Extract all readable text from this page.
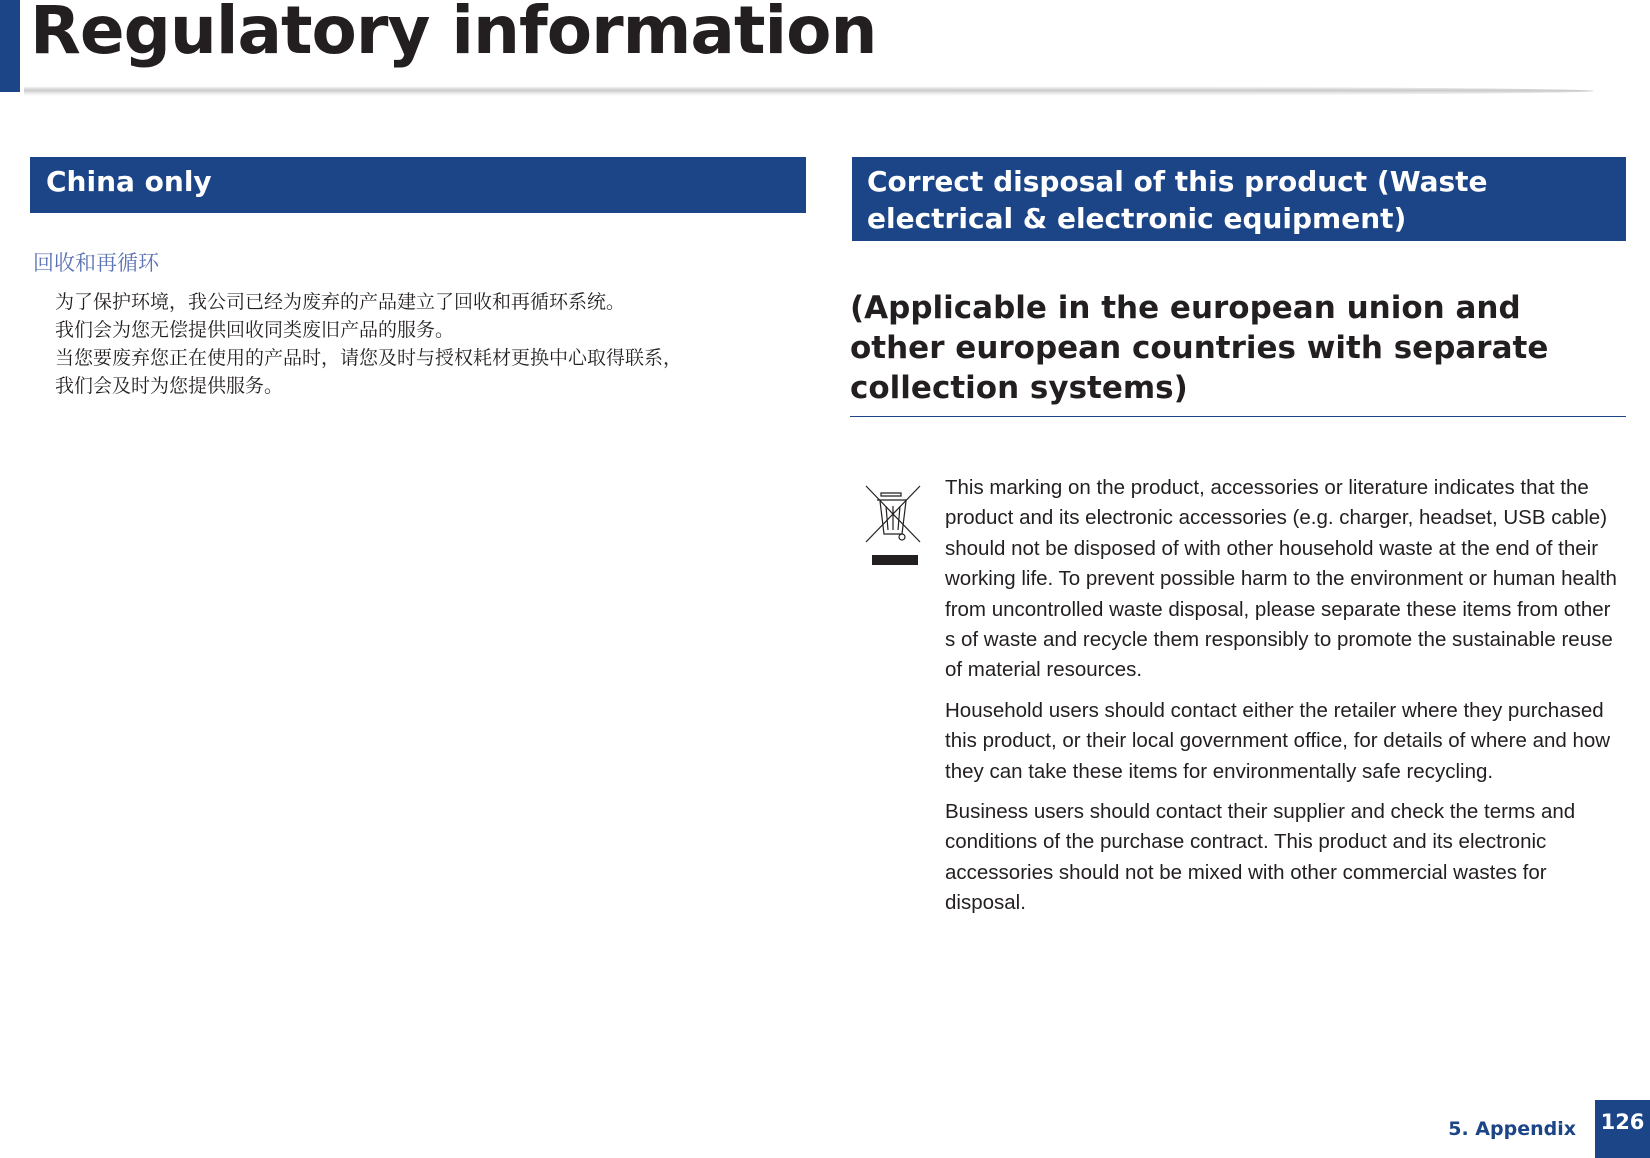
Regulatory information
China only
回收和再循环

为了保护环境，我公司已经为废弃的产品建立了回收和再循环系统。

我们会为您无偿提供回收同类废旧产品的服务。

当您要废弃您正在使用的产品时，请您及时与授权耗材更换中心取得联系，

我们会及时为您提供服务。

Correct disposal of this product (Waste electrical & electronic equipment)
(Applicable in the european union and other european countries with separate collection systems)

This marking on the product, accessories or literature indicates that the product and its electronic accessories (e.g. charger, headset, USB cable) should not be disposed of with other household waste at the end of their working life. To prevent possible harm to the environment or human health from uncontrolled waste disposal, please separate these items from other s of waste and recycle them responsibly to promote the sustainable reuse of material resources.

Household users should contact either the retailer where they purchased this product, or their local government office, for details of where and how they can take these items for environmentally safe recycling.

Business users should contact their supplier and check the terms and conditions of the purchase contract. This product and its electronic accessories should not be mixed with other commercial wastes for disposal.

5. Appendix 126
